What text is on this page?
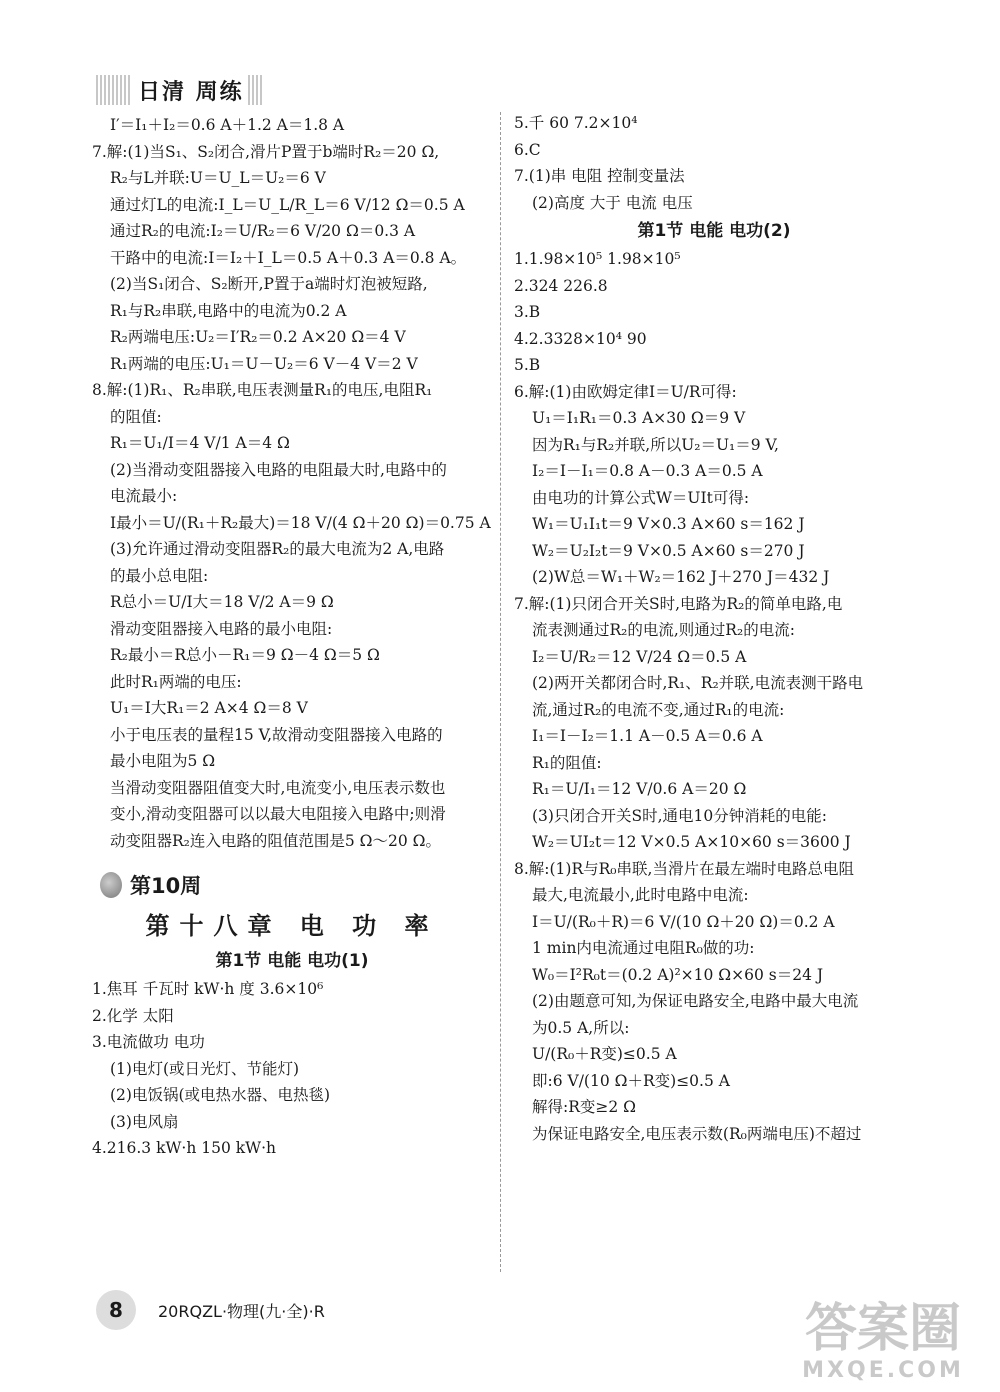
日清 周练
I′＝I₁＋I₂＝0.6 A＋1.2 A＝1.8 A
7.解:(1)当S₁、S₂闭合,滑片P置于b端时R₂＝20 Ω,
R₂与L并联:U＝U_L＝U₂＝6 V
通过灯L的电流:I_L＝U_L/R_L＝6 V/12 Ω＝0.5 A
通过R₂的电流:I₂＝U/R₂＝6 V/20 Ω＝0.3 A
干路中的电流:I＝I₂＋I_L＝0.5 A＋0.3 A＝0.8 A。
(2)当S₁闭合、S₂断开,P置于a端时灯泡被短路,
R₁与R₂串联,电路中的电流为0.2 A
R₂两端电压:U₂＝I′R₂＝0.2 A×20 Ω＝4 V
R₁两端的电压:U₁＝U－U₂＝6 V－4 V＝2 V
8.解:(1)R₁、R₂串联,电压表测量R₁的电压,电阻R₁
的阻值:
R₁＝U₁/I＝4 V/1 A＝4 Ω
(2)当滑动变阻器接入电路的电阻最大时,电路中的
电流最小:
I最小＝U/(R₁＋R₂最大)＝18 V/(4 Ω＋20 Ω)＝0.75 A
(3)允许通过滑动变阻器R₂的最大电流为2 A,电路
的最小总电阻:
R总小＝U/I大＝18 V/2 A＝9 Ω
滑动变阻器接入电路的最小电阻:
R₂最小＝R总小－R₁＝9 Ω－4 Ω＝5 Ω
此时R₁两端的电压:
U₁＝I大R₁＝2 A×4 Ω＝8 V
小于电压表的量程15 V,故滑动变阻器接入电路的
最小电阻为5 Ω
当滑动变阻器阻值变大时,电流变小,电压表示数也
变小,滑动变阻器可以以最大电阻接入电路中;则滑
动变阻器R₂连入电路的阻值范围是5 Ω～20 Ω。
第10周
第十八章 电 功 率
第1节 电能 电功(1)
1.焦耳 千瓦时 kW·h 度 3.6×10⁶
2.化学 太阳
3.电流做功 电功
(1)电灯(或日光灯、节能灯)
(2)电饭锅(或电热水器、电热毯)
(3)电风扇
4.216.3 kW·h 150 kW·h
5.千 60 7.2×10⁴
6.C
7.(1)串 电阻 控制变量法
(2)高度 大于 电流 电压
第1节 电能 电功(2)
1.1.98×10⁵ 1.98×10⁵
2.324 226.8
3.B
4.2.3328×10⁴ 90
5.B
6.解:(1)由欧姆定律I＝U/R可得:
U₁＝I₁R₁＝0.3 A×30 Ω＝9 V
因为R₁与R₂并联,所以U₂＝U₁＝9 V,
I₂＝I－I₁＝0.8 A－0.3 A＝0.5 A
由电功的计算公式W＝UIt可得:
W₁＝U₁I₁t＝9 V×0.3 A×60 s＝162 J
W₂＝U₂I₂t＝9 V×0.5 A×60 s＝270 J
(2)W总＝W₁＋W₂＝162 J＋270 J＝432 J
7.解:(1)只闭合开关S时,电路为R₂的简单电路,电
流表测通过R₂的电流,则通过R₂的电流:
I₂＝U/R₂＝12 V/24 Ω＝0.5 A
(2)两开关都闭合时,R₁、R₂并联,电流表测干路电
流,通过R₂的电流不变,通过R₁的电流:
I₁＝I－I₂＝1.1 A－0.5 A＝0.6 A
R₁的阻值:
R₁＝U/I₁＝12 V/0.6 A＝20 Ω
(3)只闭合开关S时,通电10分钟消耗的电能:
W₂＝UI₂t＝12 V×0.5 A×10×60 s＝3600 J
8.解:(1)R与R₀串联,当滑片在最左端时电路总电阻
最大,电流最小,此时电路中电流:
I＝U/(R₀＋R)＝6 V/(10 Ω＋20 Ω)＝0.2 A
1 min内电流通过电阻R₀做的功:
W₀＝I²R₀t＝(0.2 A)²×10 Ω×60 s＝24 J
(2)由题意可知,为保证电路安全,电路中最大电流
为0.5 A,所以:
U/(R₀＋R变)≤0.5 A
即:6 V/(10 Ω＋R变)≤0.5 A
解得:R变≥2 Ω
为保证电路安全,电压表示数(R₀两端电压)不超过
8	20RQZL·物理(九·全)·R	答案圈
MXQE.COM
